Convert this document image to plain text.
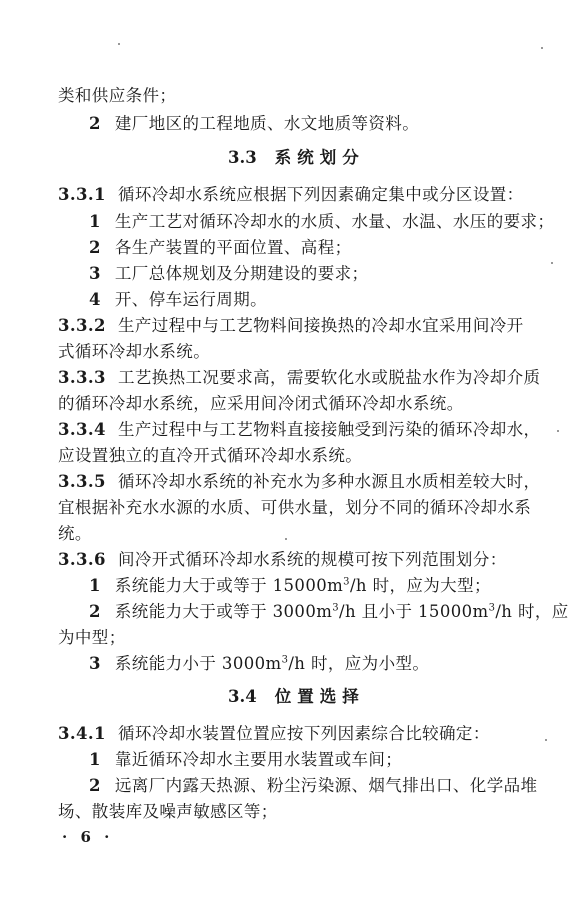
类和供应条件；
2 建厂地区的工程地质、水文地质等资料。
3.3 系统划分
3.3.1 循环冷却水系统应根据下列因素确定集中或分区设置：
1 生产工艺对循环冷却水的水质、水量、水温、水压的要求；
2 各生产装置的平面位置、高程；
3 工厂总体规划及分期建设的要求；
4 开、停车运行周期。
3.3.2 生产过程中与工艺物料间接换热的冷却水宜采用间冷开
式循环冷却水系统。
3.3.3 工艺换热工况要求高，需要软化水或脱盐水作为冷却介质
的循环冷却水系统，应采用间冷闭式循环冷却水系统。
3.3.4 生产过程中与工艺物料直接接触受到污染的循环冷却水，
应设置独立的直冷开式循环冷却水系统。
3.3.5 循环冷却水系统的补充水为多种水源且水质相差较大时，
宜根据补充水水源的水质、可供水量，划分不同的循环冷却水系
统。
3.3.6 间冷开式循环冷却水系统的规模可按下列范围划分：
1 系统能力大于或等于 $15000m^3/h$ 时，应为大型；
2 系统能力大于或等于 $3000m^3/h$ 且小于 $15000m^3/h$ 时，应
为中型；
3 系统能力小于 $3000m^3/h$ 时，应为小型。
3.4 位置选择
3.4.1 循环冷却水装置位置应按下列因素综合比较确定：
1 靠近循环冷却水主要用水装置或车间；
2 远离厂内露天热源、粉尘污染源、烟气排出口、化学品堆
场、散装库及噪声敏感区等；
· 6 ·
